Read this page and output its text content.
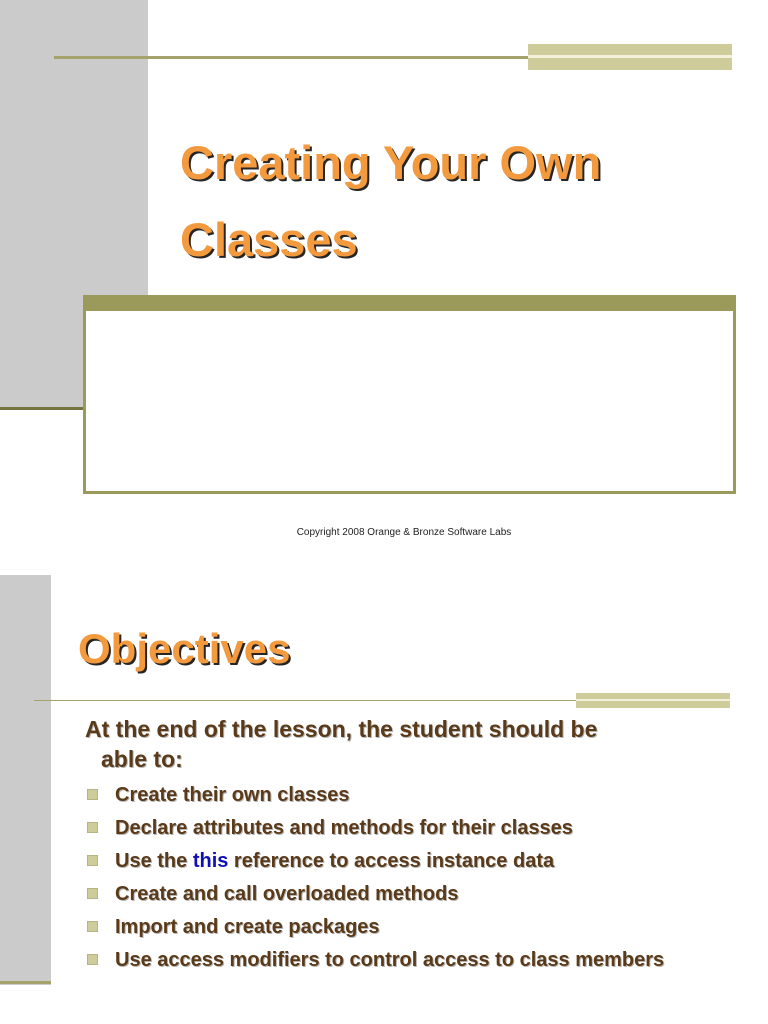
Creating Your Own
Classes
Copyright 2008 Orange & Bronze Software Labs
Objectives
At the end of the lesson, the student should be
able to:
Create their own classes
Declare attributes and methods for their classes
Use the this reference to access instance data
Create and call overloaded methods
Import and create packages
Use access modifiers to control access to class members
